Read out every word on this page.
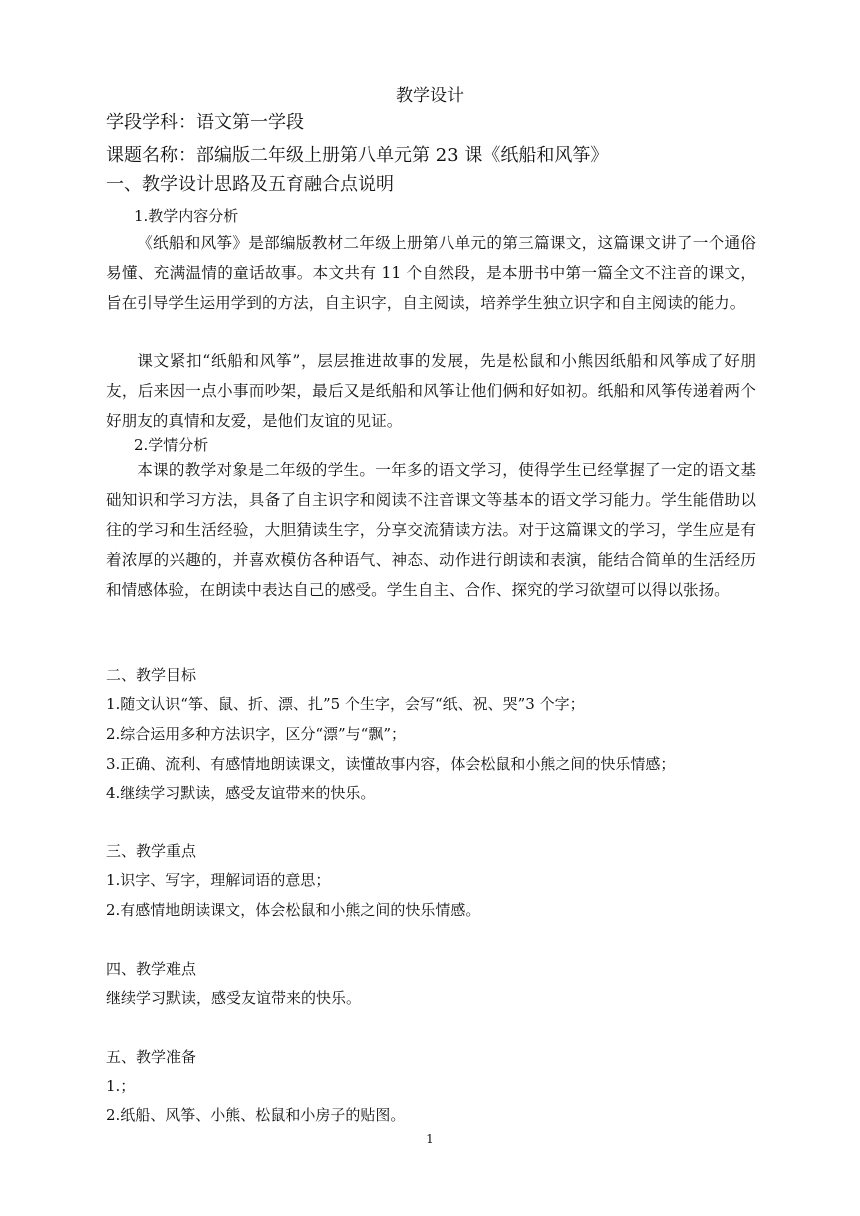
教学设计
学段学科：语文第一学段
课题名称：部编版二年级上册第八单元第 23 课《纸船和风筝》
一、教学设计思路及五育融合点说明
1.教学内容分析

《纸船和风筝》是部编版教材二年级上册第八单元的第三篇课文，这篇课文讲了一个通俗易懂、充满温情的童话故事。本文共有 11 个自然段，是本册书中第一篇全文不注音的课文，旨在引导学生运用学到的方法，自主识字，自主阅读，培养学生独立识字和自主阅读的能力。

课文紧扣“纸船和风筝”，层层推进故事的发展，先是松鼠和小熊因纸船和风筝成了好朋友，后来因一点小事而吵架，最后又是纸船和风筝让他们俩和好如初。纸船和风筝传递着两个好朋友的真情和友爱，是他们友谊的见证。

2.学情分析

本课的教学对象是二年级的学生。一年多的语文学习，使得学生已经掌握了一定的语文基础知识和学习方法，具备了自主识字和阅读不注音课文等基本的语文学习能力。学生能借助以往的学习和生活经验，大胆猜读生字，分享交流猜读方法。对于这篇课文的学习，学生应是有着浓厚的兴趣的，并喜欢模仿各种语气、神态、动作进行朗读和表演，能结合简单的生活经历和情感体验，在朗读中表达自己的感受。学生自主、合作、探究的学习欲望可以得以张扬。

二、教学目标
1.随文认识“筝、鼠、折、漂、扎”5 个生字，会写“纸、祝、哭”3 个字；
2.综合运用多种方法识字，区分“漂”与“飘”；
3.正确、流利、有感情地朗读课文，读懂故事内容，体会松鼠和小熊之间的快乐情感；
4.继续学习默读，感受友谊带来的快乐。
三、教学重点
1.识字、写字，理解词语的意思；
2.有感情地朗读课文，体会松鼠和小熊之间的快乐情感。
四、教学难点
继续学习默读，感受友谊带来的快乐。
五、教学准备
1.；
2.纸船、风筝、小熊、松鼠和小房子的贴图。
1
